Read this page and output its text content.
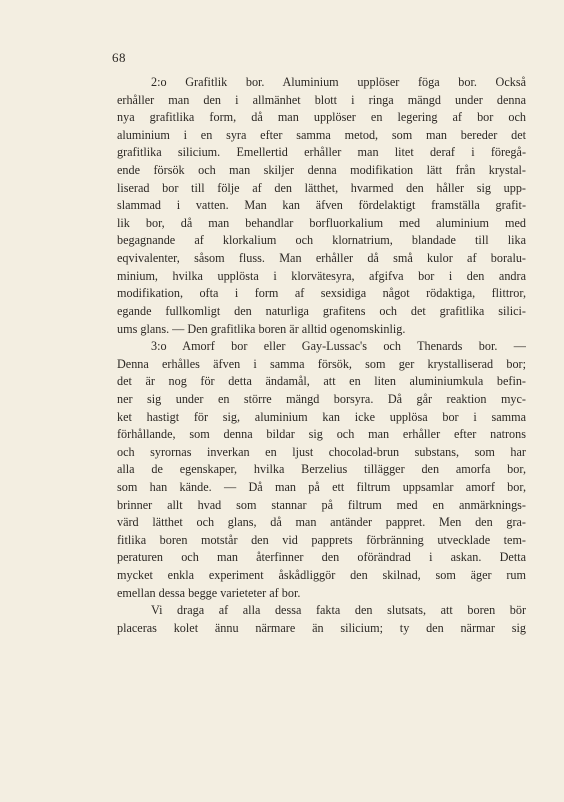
68
2:o Grafitlik bor. Aluminium upplöser föga bor. Också
erhåller man den i allmänhet blott i ringa mängd under denna
nya grafitlika form, då man upplöser en legering af bor och
aluminium i en syra efter samma metod, som man bereder det
grafitlika silicium. Emellertid erhåller man litet deraf i föregå-
ende försök och man skiljer denna modifikation lätt från krystal-
liserad bor till följe af den lätthet, hvarmed den håller sig upp-
slammad i vatten. Man kan äfven fördelaktigt framställa grafit-
lik bor, då man behandlar borfluorkalium med aluminium med
begagnande af klorkalium och klornatrium, blandade till lika
eqvivalenter, såsom fluss. Man erhåller då små kulor af boralu-
minium, hvilka upplösta i klorvätesyra, afgifva bor i den andra
modifikation, ofta i form af sexsidiga något rödaktiga, flittror,
egande fullkomligt den naturliga grafitens och det grafitlika silici-
ums glans. — Den grafitlika boren är alltid ogenomskinlig.
3:o Amorf bor eller Gay-Lussac's och Thenards bor. —
Denna erhålles äfven i samma försök, som ger krystalliserad bor;
det är nog för detta ändamål, att en liten aluminiumkula befin-
ner sig under en större mängd borsyra. Då går reaktion myc-
ket hastigt för sig, aluminium kan icke upplösa bor i samma
förhållande, som denna bildar sig och man erhåller efter natrons
och syrornas inverkan en ljust chocolad-brun substans, som har
alla de egenskaper, hvilka Berzelius tillägger den amorfa bor,
som han kände. — Då man på ett filtrum uppsamlar amorf bor,
brinner allt hvad som stannar på filtrum med en anmärknings-
värd lätthet och glans, då man antänder pappret. Men den gra-
fitlika boren motstår den vid papprets förbränning utvecklade tem-
peraturen och man återfinner den oförändrad i askan. Detta
mycket enkla experiment åskådliggör den skilnad, som äger rum
emellan dessa begge varieteter af bor.
Vi draga af alla dessa fakta den slutsats, att boren bör
placeras kolet ännu närmare än silicium; ty den närmar sig
